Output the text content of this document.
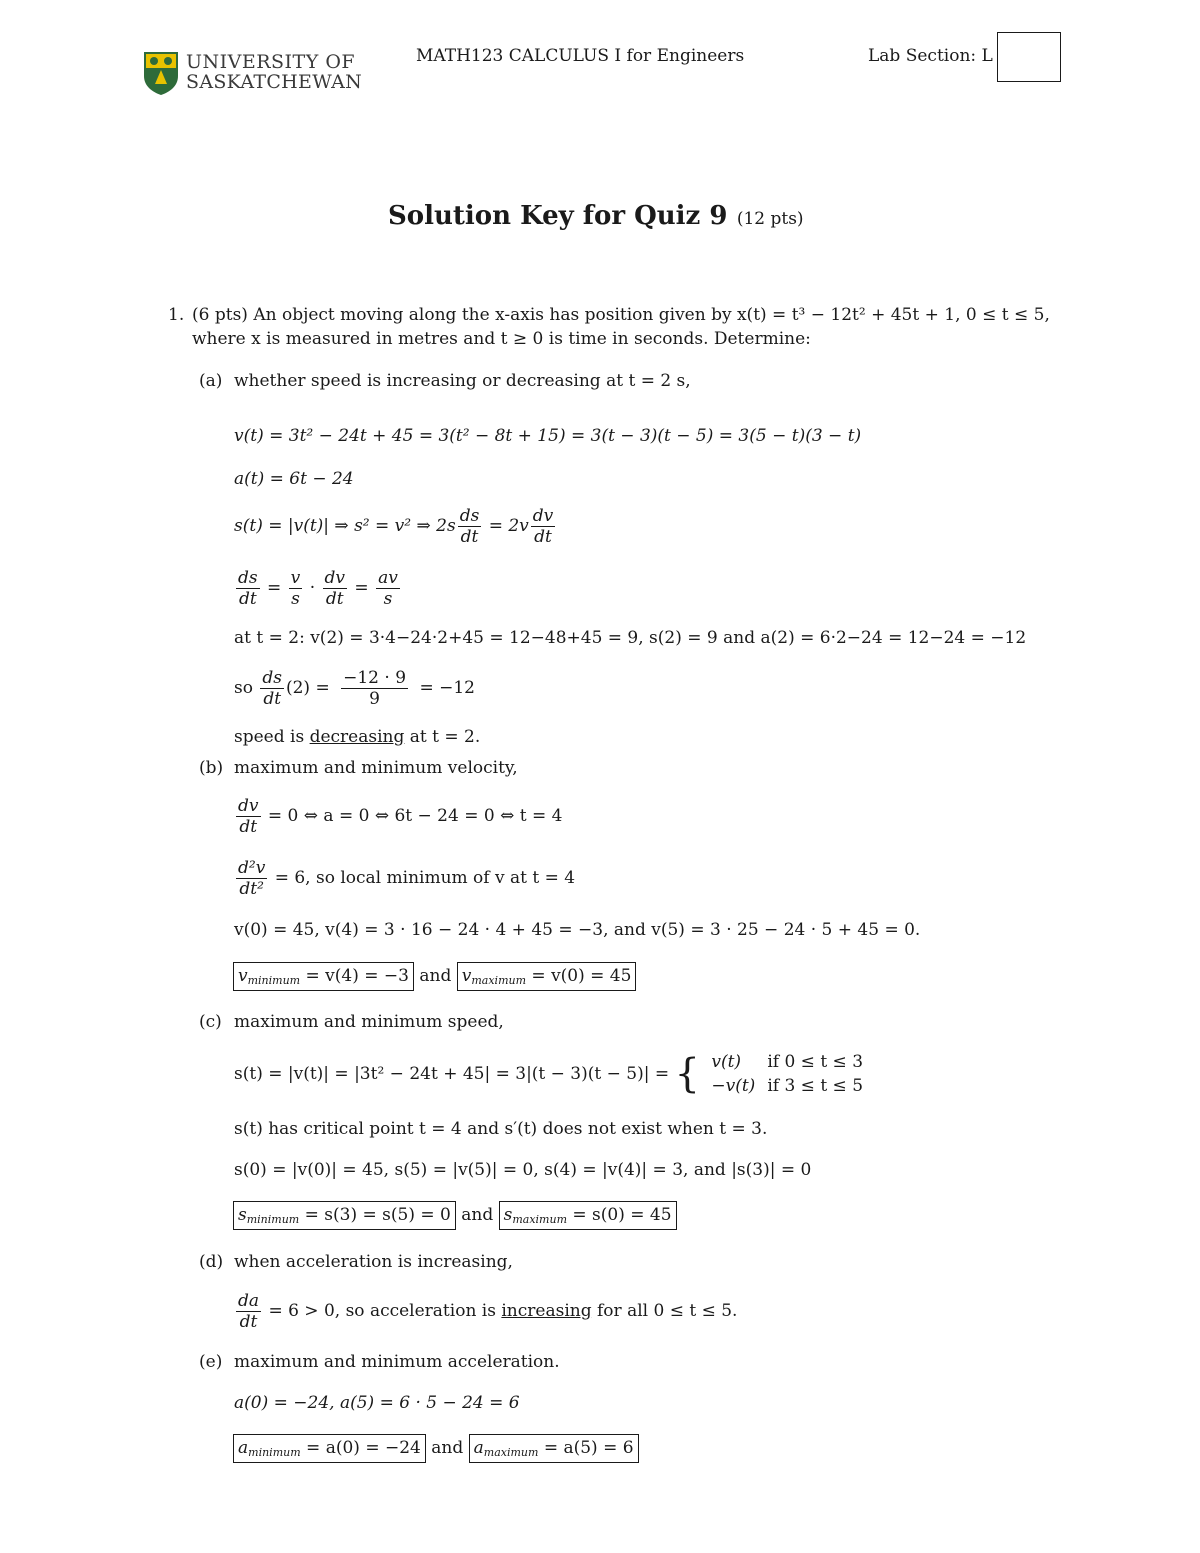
UNIVERSITY OF
SASKATCHEWAN
MATH123 CALCULUS I for Engineers	Lab Section: L
Solution Key for Quiz 9 (12 pts)
1. (6 pts) An object moving along the x-axis has position given by x(t) = t³ − 12t² + 45t + 1, 0 ≤ t ≤ 5,
where x is measured in metres and t ≥ 0 is time in seconds. Determine:
(a) whether speed is increasing or decreasing at t = 2 s,
v(t) = 3t² − 24t + 45 = 3(t² − 8t + 15) = 3(t − 3)(t − 5) = 3(5 − t)(3 − t)
a(t) = 6t − 24
s(t) = |v(t)| ⇒ s² = v² ⇒ $2s \frac{ds}{dt} = 2v \frac{dv}{dt}$
$\frac{ds}{dt} = \frac{v}{s} \cdot \frac{dv}{dt} = \frac{av}{s}$
at t = 2: v(2) = 3·4−24·2+45 = 12−48+45 = 9, s(2) = 9 and a(2) = 6·2−24 = 12−24 = −12
so $\frac{ds}{dt} (2) = \frac{-12 \cdot 9}{9} = -12$
speed is decreasing at t = 2.
(b) maximum and minimum velocity,
$\frac{dv}{dt} = 0$ ⇔ a = 0 ⇔ 6t − 24 = 0 ⇔ t = 4
$\frac{\text{d²v}}{\text{dt²}} = 6$, so local minimum of v at t = 4
v(0) = 45, v(4) = 3 · 16 − 24 · 4 + 45 = −3, and v(5) = 3 · 25 − 24 · 5 + 45 = 0.
$v_{minimum} = v(4) = -3$ and $v_{maximum} = v(0) = 45$
(c) maximum and minimum speed,
s(t) = |v(t)| = |3t² − 24t + 45| = 3|(t − 3)(t − 5)| = { v(t)	if 0 ≤ t ≤ 3
−v(t)	if 3 ≤ t ≤ 5
s(t) has critical point t = 4 and s′(t) does not exist when t = 3.
s(0) = |v(0)| = 45, s(5) = |v(5)| = 0, s(4) = |v(4)| = 3, and |s(3)| = 0
$s_{minimum} = s(3) = s(5) = 0$ and $s_{maximum} = s(0) = 45$
(d) when acceleration is increasing,
$\frac{da}{dt} = 6 > 0$, so acceleration is increasing for all 0 ≤ t ≤ 5.
(e) maximum and minimum acceleration.
a(0) = −24, a(5) = 6 · 5 − 24 = 6
$a_{minimum} = a(0) = -24$ and $a_{maximum} = a(5) = 6$
